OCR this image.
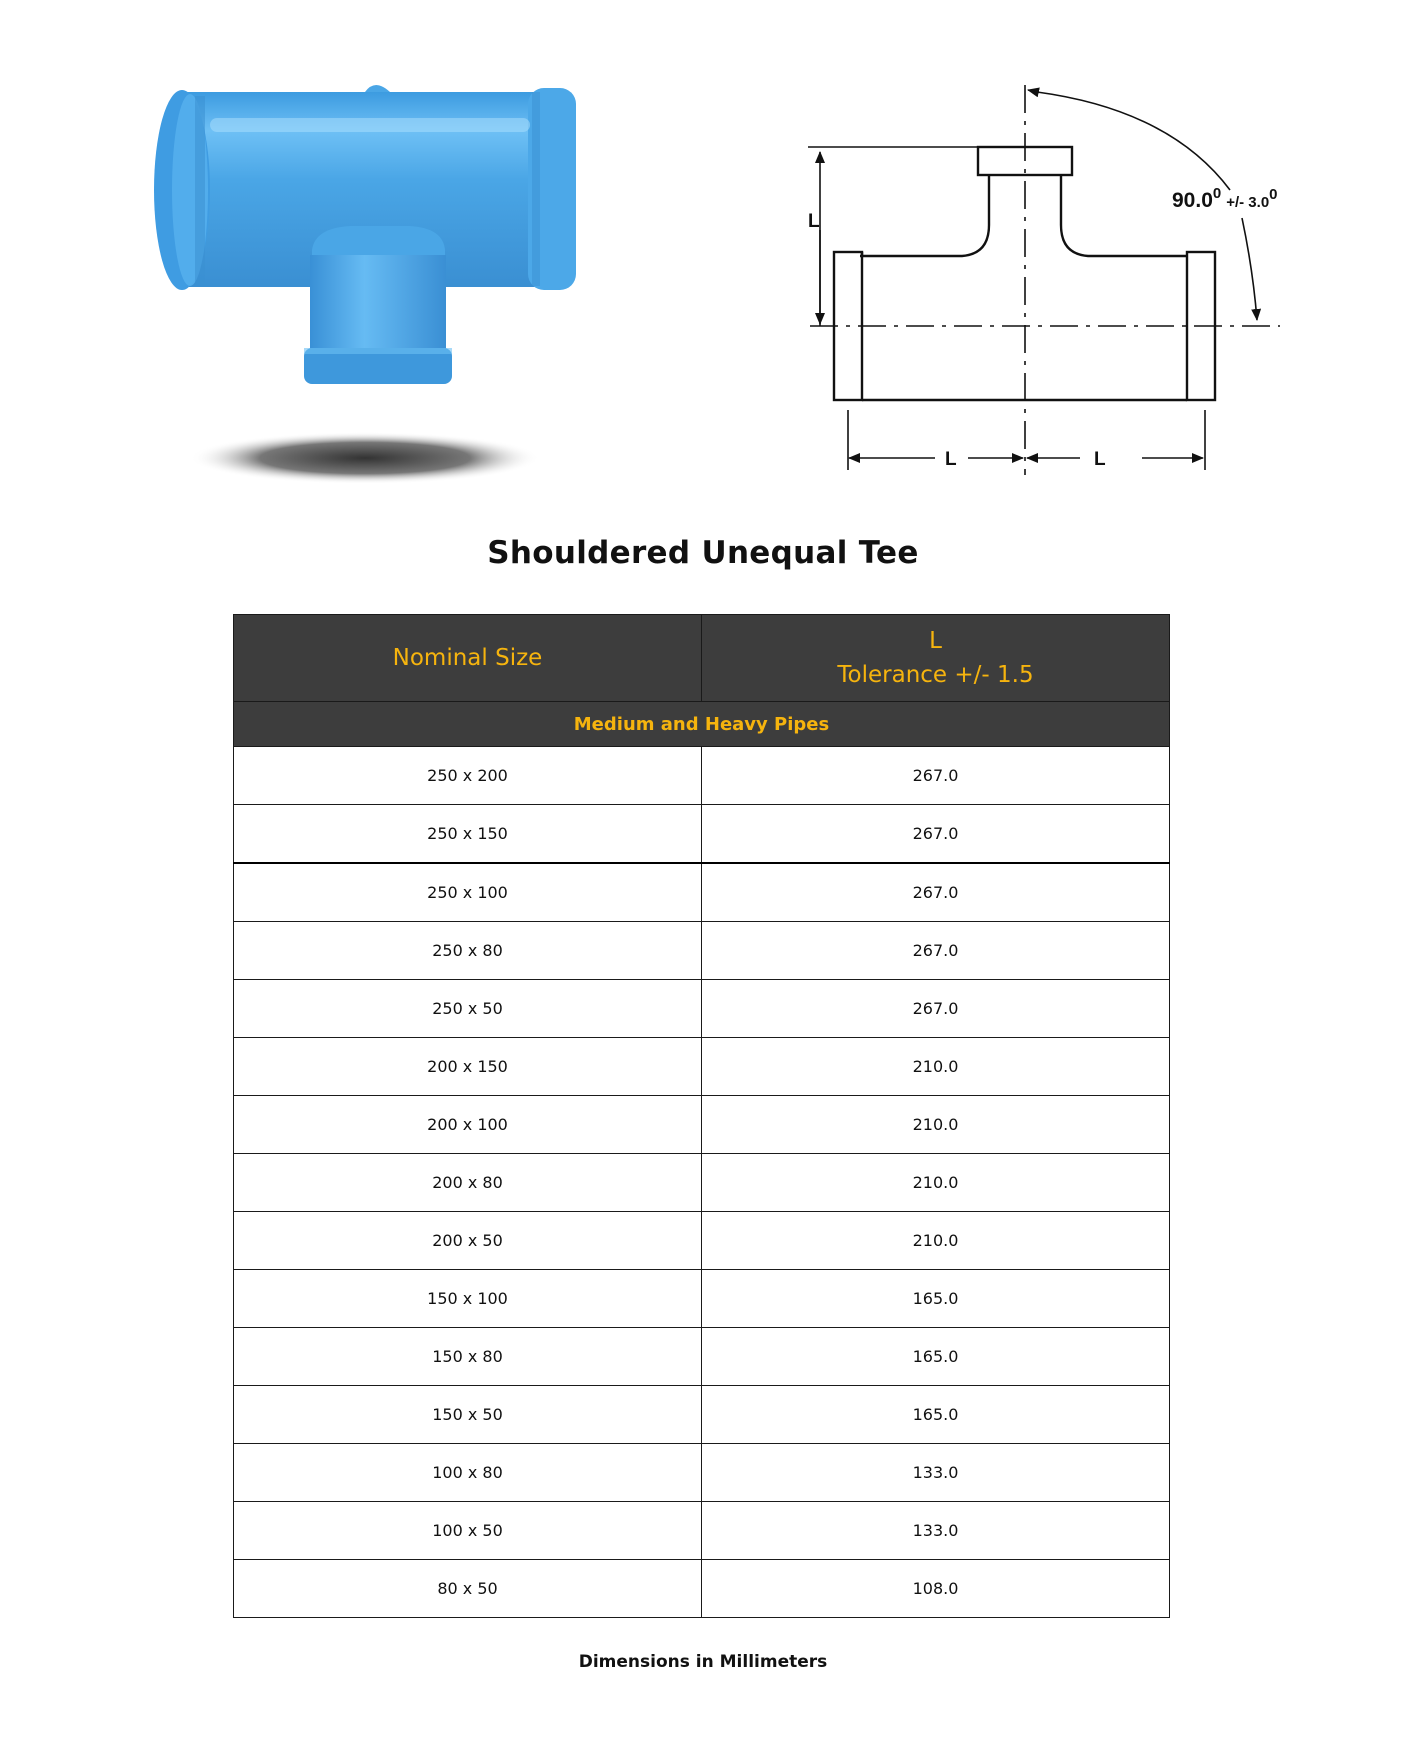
L
L	L
90.00+/- 3.00
Shouldered Unequal Tee
Nominal Size	L
Tolerance +/- 1.5

Medium and Heavy Pipes	
250 x 200	267.0
250 x 150	267.0
250 x 100	267.0
250 x 80	267.0
250 x 50	267.0
200 x 150	210.0
200 x 100	210.0
200 x 80	210.0
200 x 50	210.0
150 x 100	165.0
150 x 80	165.0
150 x 50	165.0
100 x 80	133.0
100 x 50	133.0
80 x 50	108.0
Dimensions in Millimeters
